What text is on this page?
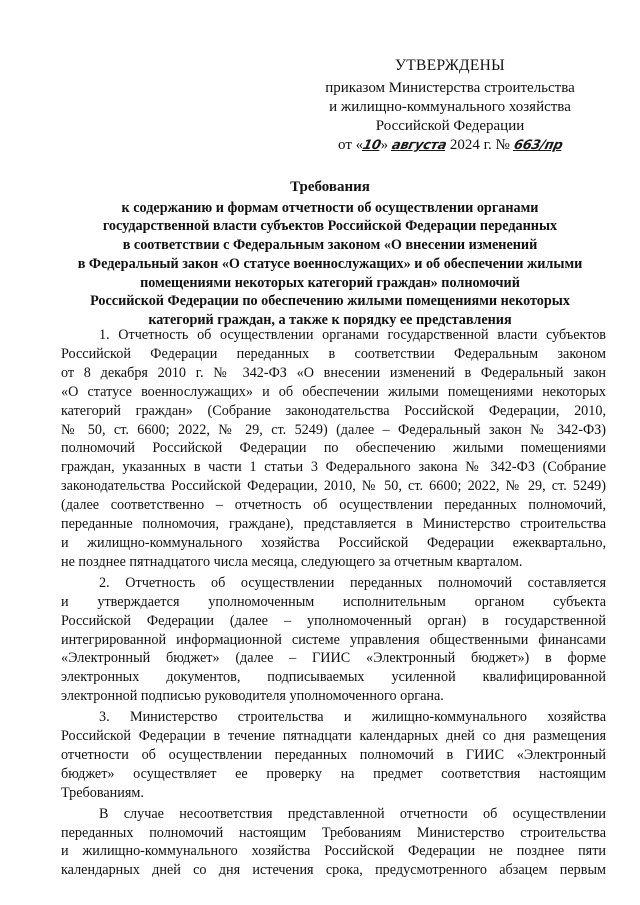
УТВЕРЖДЕНЫ
приказом Министерства строительства
и жилищно-коммунального хозяйства
Российской Федерации
от «10» августа 2024 г. № 663/пр
Требования
к содержанию и формам отчетности об осуществлении органами
государственной власти субъектов Российской Федерации переданных
в соответствии с Федеральным законом «О внесении изменений
в Федеральный закон «О статусе военнослужащих» и об обеспечении жилыми
помещениями некоторых категорий граждан» полномочий
Российской Федерации по обеспечению жилыми помещениями некоторых
категорий граждан, а также к порядку ее представления
1. Отчетность об осуществлении органами государственной власти субъектов
Российской Федерации переданных в соответствии Федеральным законом
от 8 декабря 2010 г. № 342-ФЗ «О внесении изменений в Федеральный закон
«О статусе военнослужащих» и об обеспечении жилыми помещениями некоторых
категорий граждан» (Собрание законодательства Российской Федерации, 2010,
№ 50, ст. 6600; 2022, № 29, ст. 5249) (далее – Федеральный закон № 342-ФЗ)
полномочий Российской Федерации по обеспечению жилыми помещениями
граждан, указанных в части 1 статьи 3 Федерального закона № 342-ФЗ (Собрание
законодательства Российской Федерации, 2010, № 50, ст. 6600; 2022, № 29, ст. 5249)
(далее соответственно – отчетность об осуществлении переданных полномочий,
переданные полномочия, граждане), представляется в Министерство строительства
и жилищно-коммунального хозяйства Российской Федерации ежеквартально,
не позднее пятнадцатого числа месяца, следующего за отчетным кварталом.
2. Отчетность об осуществлении переданных полномочий составляется
и утверждается уполномоченным исполнительным органом субъекта
Российской Федерации (далее – уполномоченный орган) в государственной
интегрированной информационной системе управления общественными финансами
«Электронный бюджет» (далее – ГИИС «Электронный бюджет») в форме
электронных документов, подписываемых усиленной квалифицированной
электронной подписью руководителя уполномоченного органа.
3. Министерство строительства и жилищно-коммунального хозяйства
Российской Федерации в течение пятнадцати календарных дней со дня размещения
отчетности об осуществлении переданных полномочий в ГИИС «Электронный
бюджет» осуществляет ее проверку на предмет соответствия настоящим
Требованиям.
В случае несоответствия представленной отчетности об осуществлении
переданных полномочий настоящим Требованиям Министерство строительства
и жилищно-коммунального хозяйства Российской Федерации не позднее пяти
календарных дней со дня истечения срока, предусмотренного абзацем первым
